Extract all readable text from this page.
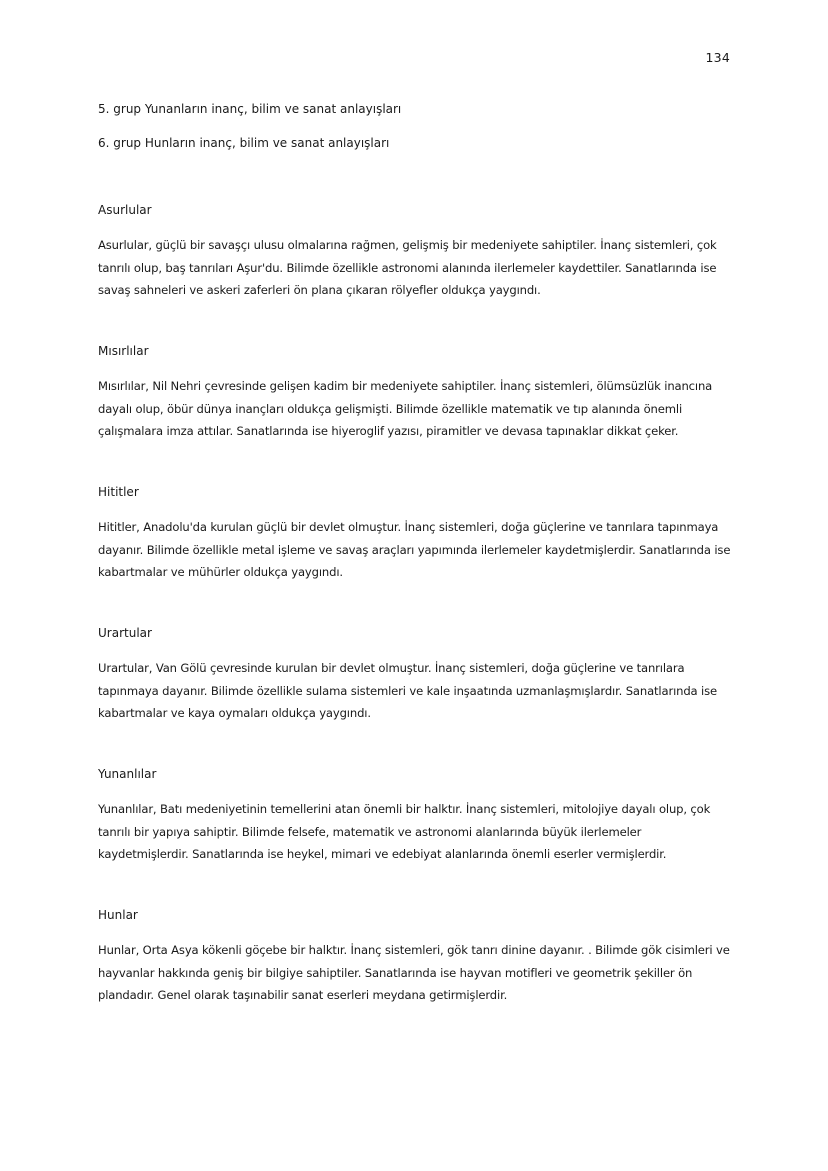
134
5. grup Yunanların inanç, bilim ve sanat anlayışları
6. grup Hunların inanç, bilim ve sanat anlayışları
Asurlular

Asurlular, güçlü bir savaşçı ulusu olmalarına rağmen, gelişmiş bir medeniyete sahiptiler. İnanç sistemleri, çok
tanrılı olup, baş tanrıları Aşur'du. Bilimde özellikle astronomi alanında ilerlemeler kaydettiler. Sanatlarında ise
savaş sahneleri ve askeri zaferleri ön plana çıkaran rölyefler oldukça yaygındı.

Mısırlılar

Mısırlılar, Nil Nehri çevresinde gelişen kadim bir medeniyete sahiptiler. İnanç sistemleri, ölümsüzlük inancına
dayalı olup, öbür dünya inançları oldukça gelişmişti. Bilimde özellikle matematik ve tıp alanında önemli
çalışmalara imza attılar. Sanatlarında ise hiyeroglif yazısı, piramitler ve devasa tapınaklar dikkat çeker.

Hititler

Hititler, Anadolu'da kurulan güçlü bir devlet olmuştur. İnanç sistemleri, doğa güçlerine ve tanrılara tapınmaya
dayanır. Bilimde özellikle metal işleme ve savaş araçları yapımında ilerlemeler kaydetmişlerdir. Sanatlarında ise
kabartmalar ve mühürler oldukça yaygındı.

Urartular

Urartular, Van Gölü çevresinde kurulan bir devlet olmuştur. İnanç sistemleri, doğa güçlerine ve tanrılara
tapınmaya dayanır. Bilimde özellikle sulama sistemleri ve kale inşaatında uzmanlaşmışlardır. Sanatlarında ise
kabartmalar ve kaya oymaları oldukça yaygındı.

Yunanlılar

Yunanlılar, Batı medeniyetinin temellerini atan önemli bir halktır. İnanç sistemleri, mitolojiye dayalı olup, çok
tanrılı bir yapıya sahiptir. Bilimde felsefe, matematik ve astronomi alanlarında büyük ilerlemeler
kaydetmişlerdir. Sanatlarında ise heykel, mimari ve edebiyat alanlarında önemli eserler vermişlerdir.

Hunlar

Hunlar, Orta Asya kökenli göçebe bir halktır. İnanç sistemleri, gök tanrı dinine dayanır. . Bilimde gök cisimleri ve
hayvanlar hakkında geniş bir bilgiye sahiptiler. Sanatlarında ise hayvan motifleri ve geometrik şekiller ön
plandadır. Genel olarak taşınabilir sanat eserleri meydana getirmişlerdir.
